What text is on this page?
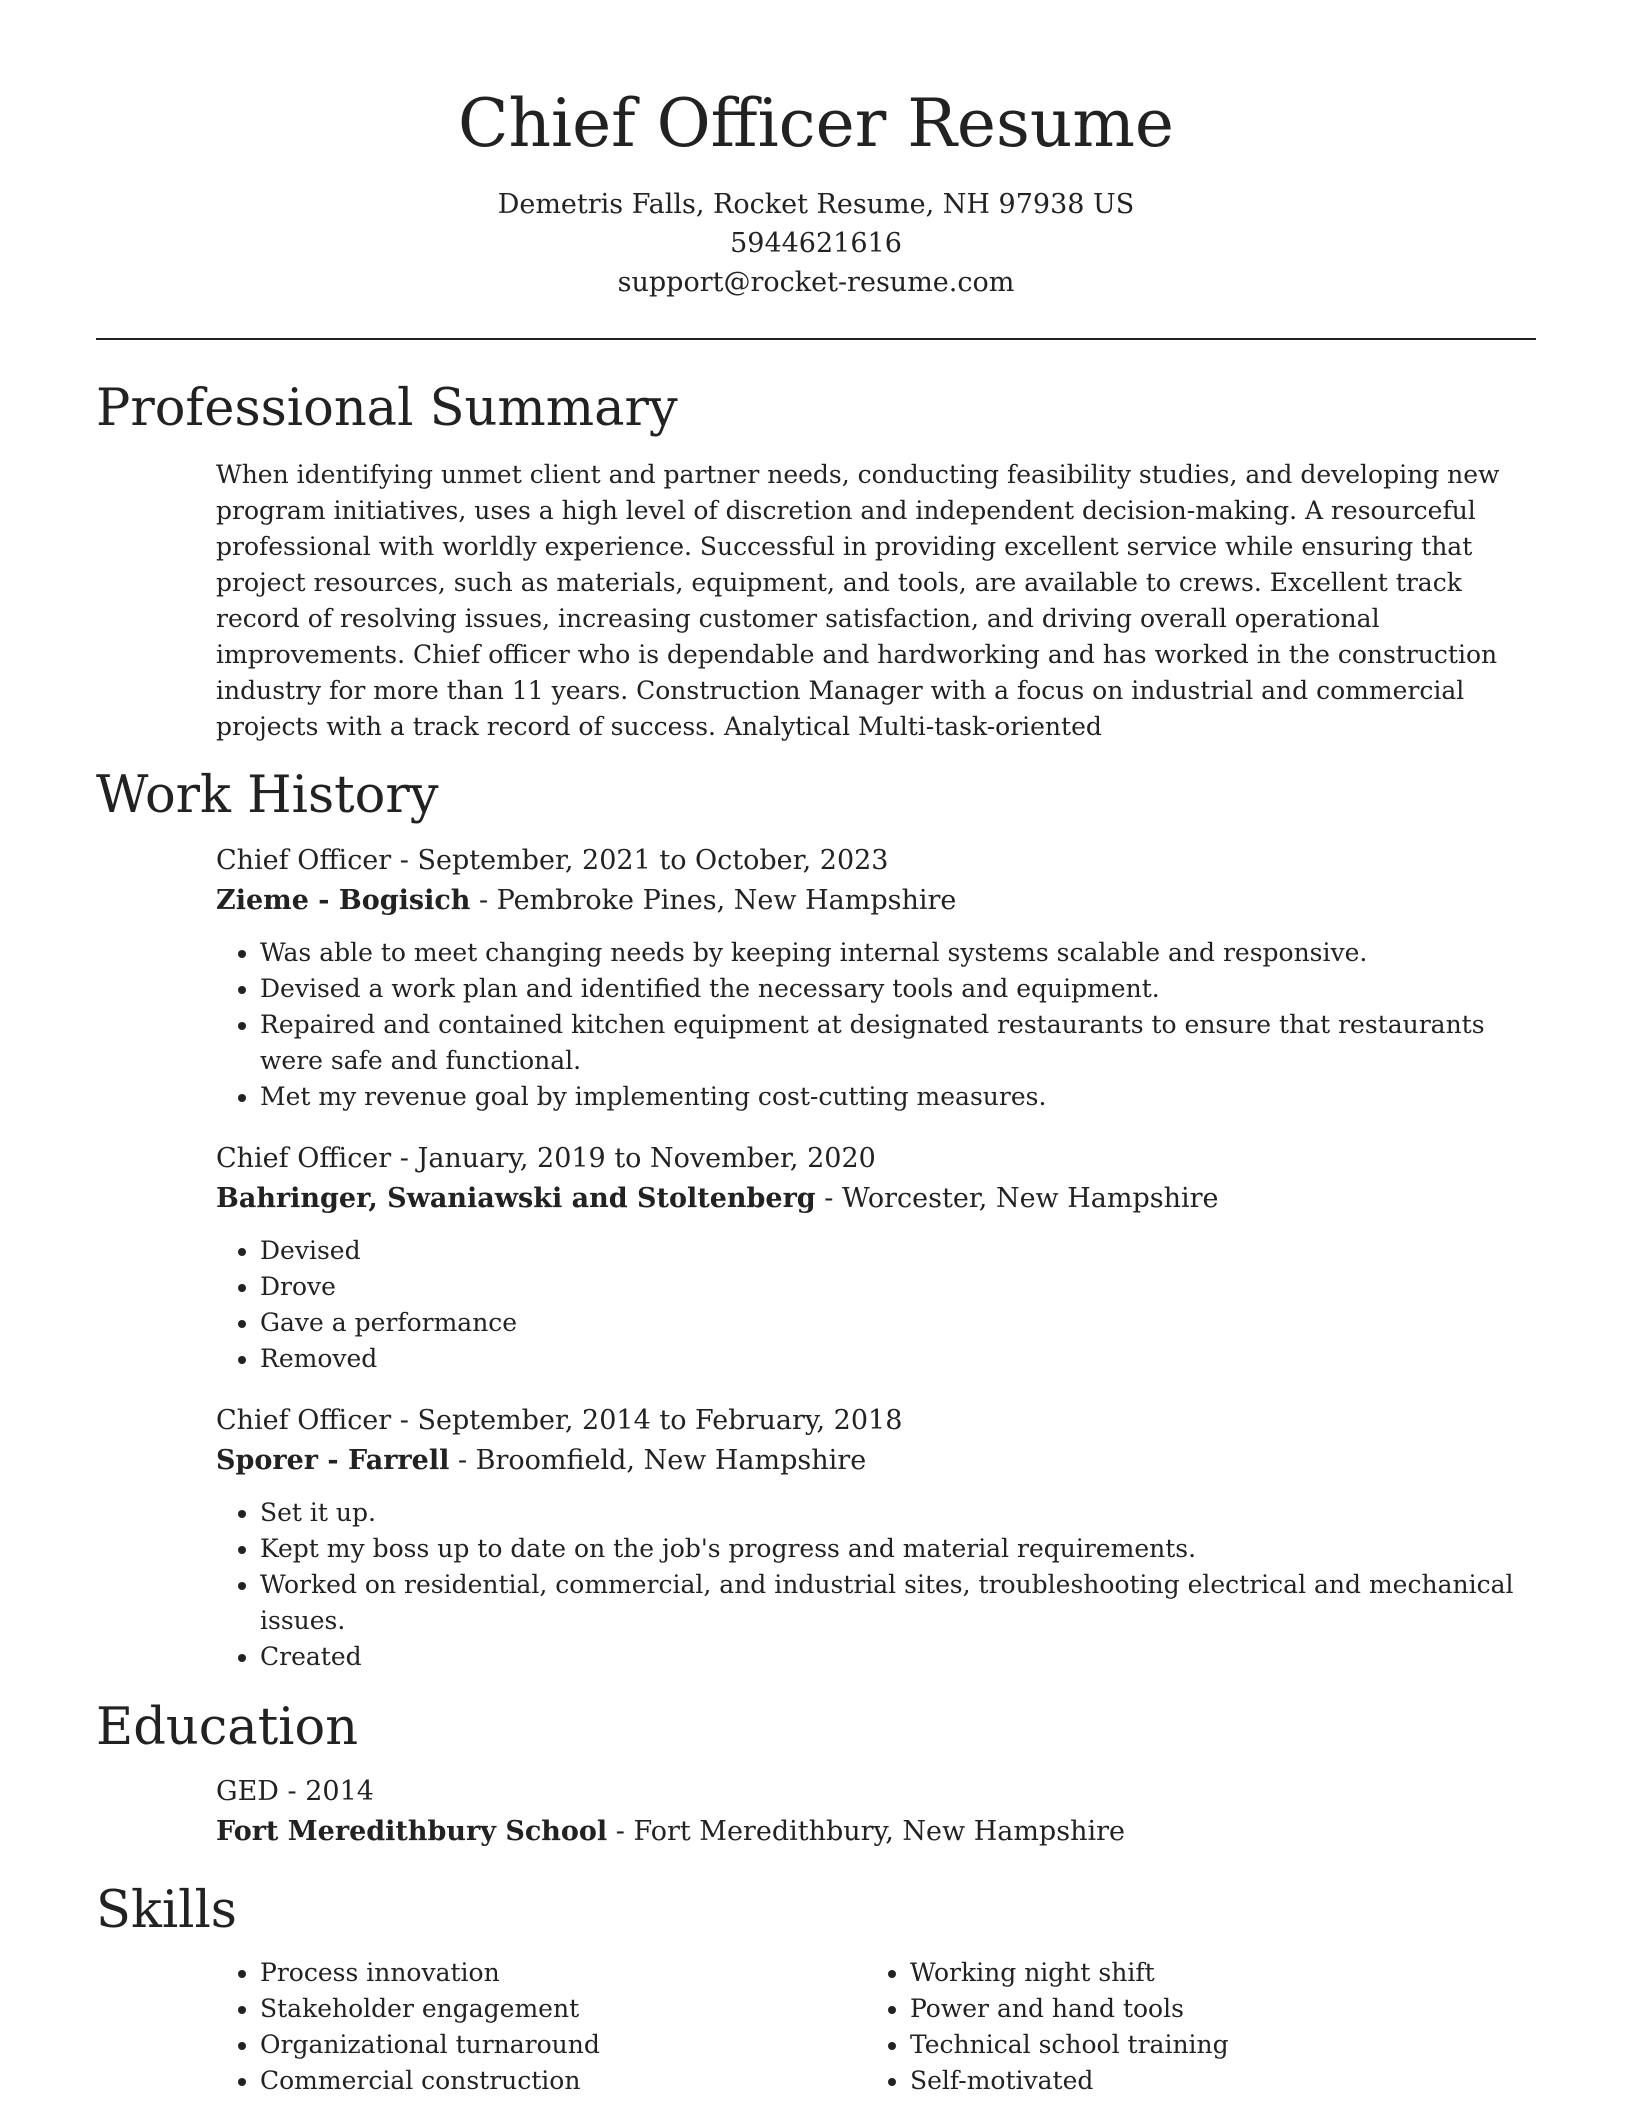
Chief Officer Resume
Demetris Falls, Rocket Resume, NH 97938 US
5944621616
support@rocket-resume.com
Professional Summary

When identifying unmet client and partner needs, conducting feasibility studies, and developing new program initiatives, uses a high level of discretion and independent decision-making. A resourceful professional with worldly experience. Successful in providing excellent service while ensuring that project resources, such as materials, equipment, and tools, are available to crews. Excellent track record of resolving issues, increasing customer satisfaction, and driving overall operational improvements. Chief officer who is dependable and hardworking and has worked in the construction industry for more than 11 years. Construction Manager with a focus on industrial and commercial projects with a track record of success. Analytical Multi-task-oriented

Work History
Chief Officer - September, 2021 to October, 2023
Zieme - Bogisich - Pembroke Pines, New Hampshire
• Was able to meet changing needs by keeping internal systems scalable and responsive.
• Devised a work plan and identified the necessary tools and equipment.
• Repaired and contained kitchen equipment at designated restaurants to ensure that restaurants were safe and functional.
• Met my revenue goal by implementing cost-cutting measures.
Chief Officer - January, 2019 to November, 2020
Bahringer, Swaniawski and Stoltenberg - Worcester, New Hampshire
• Devised
• Drove
• Gave a performance
• Removed
Chief Officer - September, 2014 to February, 2018
Sporer - Farrell - Broomfield, New Hampshire
• Set it up.
• Kept my boss up to date on the job's progress and material requirements.
• Worked on residential, commercial, and industrial sites, troubleshooting electrical and mechanical issues.
• Created
Education
GED - 2014
Fort Meredithbury School - Fort Meredithbury, New Hampshire
Skills
• Process innovation
• Stakeholder engagement
• Organizational turnaround
• Commercial construction
• Working night shift
• Power and hand tools
• Technical school training
• Self-motivated
